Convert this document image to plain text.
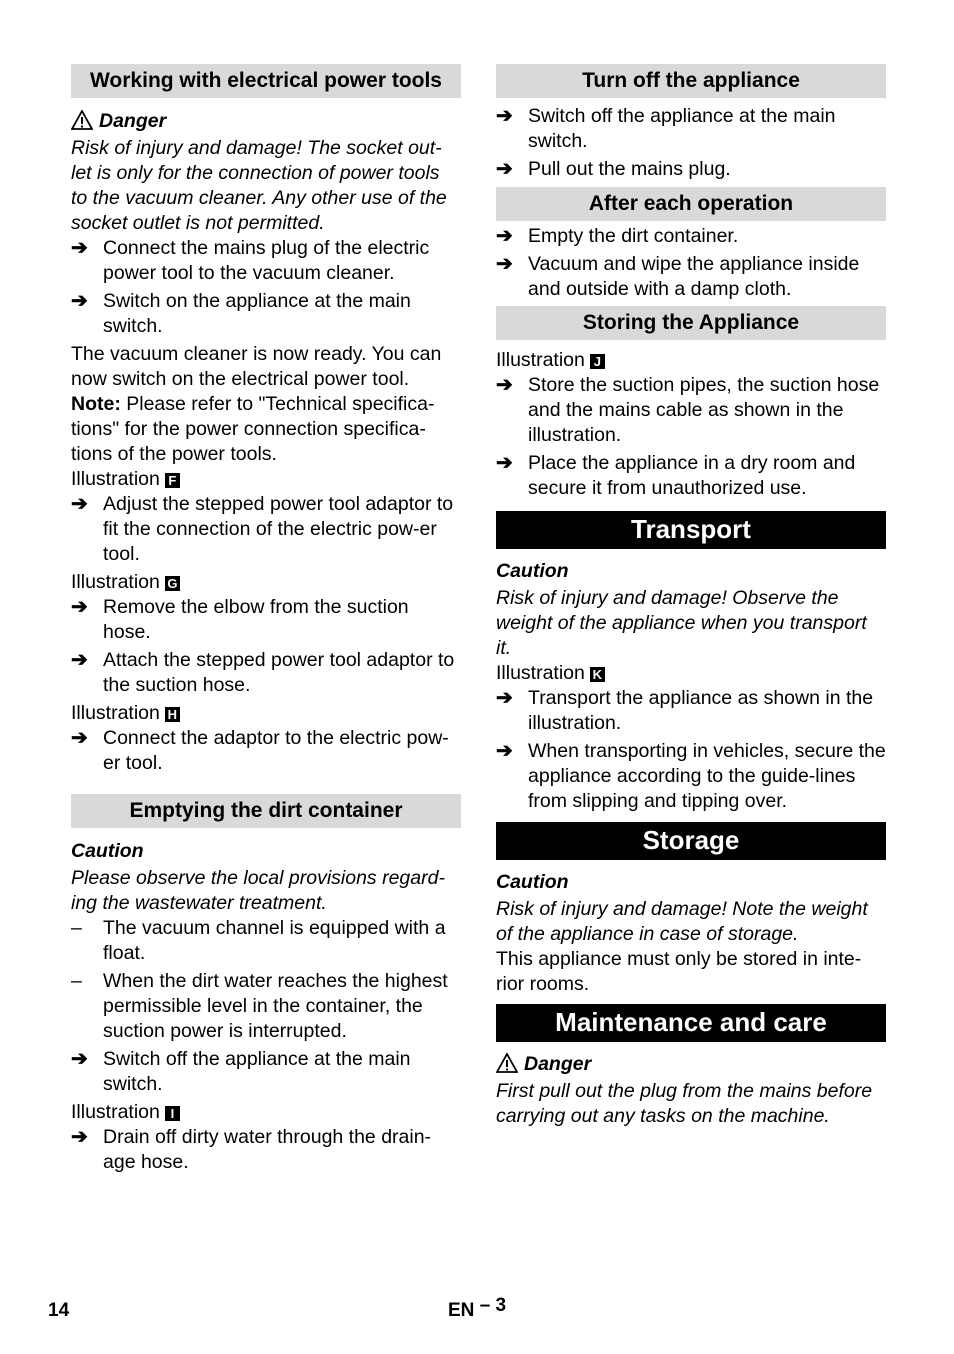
Working with electrical power tools

Danger

Risk of injury and damage! The socket out-let is only for the connection of power tools to the vacuum cleaner. Any other use of the socket outlet is not permitted.

➔ Connect the mains plug of the electric power tool to the vacuum cleaner.
➔ Switch on the appliance at the main switch.

The vacuum cleaner is now ready. You can now switch on the electrical power tool.

Note: Please refer to "Technical specifica-tions" for the power connection specifica-tions of the power tools.

Illustration F

➔ Adjust the stepped power tool adaptor to fit the connection of the electric pow-er tool.

Illustration G

➔ Remove the elbow from the suction hose.
➔ Attach the stepped power tool adaptor to the suction hose.

Illustration H

➔ Connect the adaptor to the electric pow-er tool.
Emptying the dirt container

Caution

Please observe the local provisions regard-ing the wastewater treatment.

–	The vacuum channel is equipped with a float.
–	When the dirt water reaches the highest permissible level in the container, the suction power is interrupted.
➔ Switch off the appliance at the main switch.

Illustration I

➔ Drain off dirty water through the drain-age hose.
Turn off the appliance
➔ Switch off the appliance at the main switch.
➔ Pull out the mains plug.
After each operation
➔ Empty the dirt container.
➔ Vacuum and wipe the appliance inside and outside with a damp cloth.
Storing the Appliance

Illustration J

➔ Store the suction pipes, the suction hose and the mains cable as shown in the illustration.
➔ Place the appliance in a dry room and secure it from unauthorized use.
Transport

Caution

Risk of injury and damage! Observe the weight of the appliance when you transport it.

Illustration K

➔ Transport the appliance as shown in the illustration.
➔ When transporting in vehicles, secure the appliance according to the guide-lines from slipping and tipping over.
Storage

Caution

Risk of injury and damage! Note the weight of the appliance in case of storage.

This appliance must only be stored in inte-rior rooms.

Maintenance and care

Danger

First pull out the plug from the mains before carrying out any tasks on the machine.

14	EN – 3
